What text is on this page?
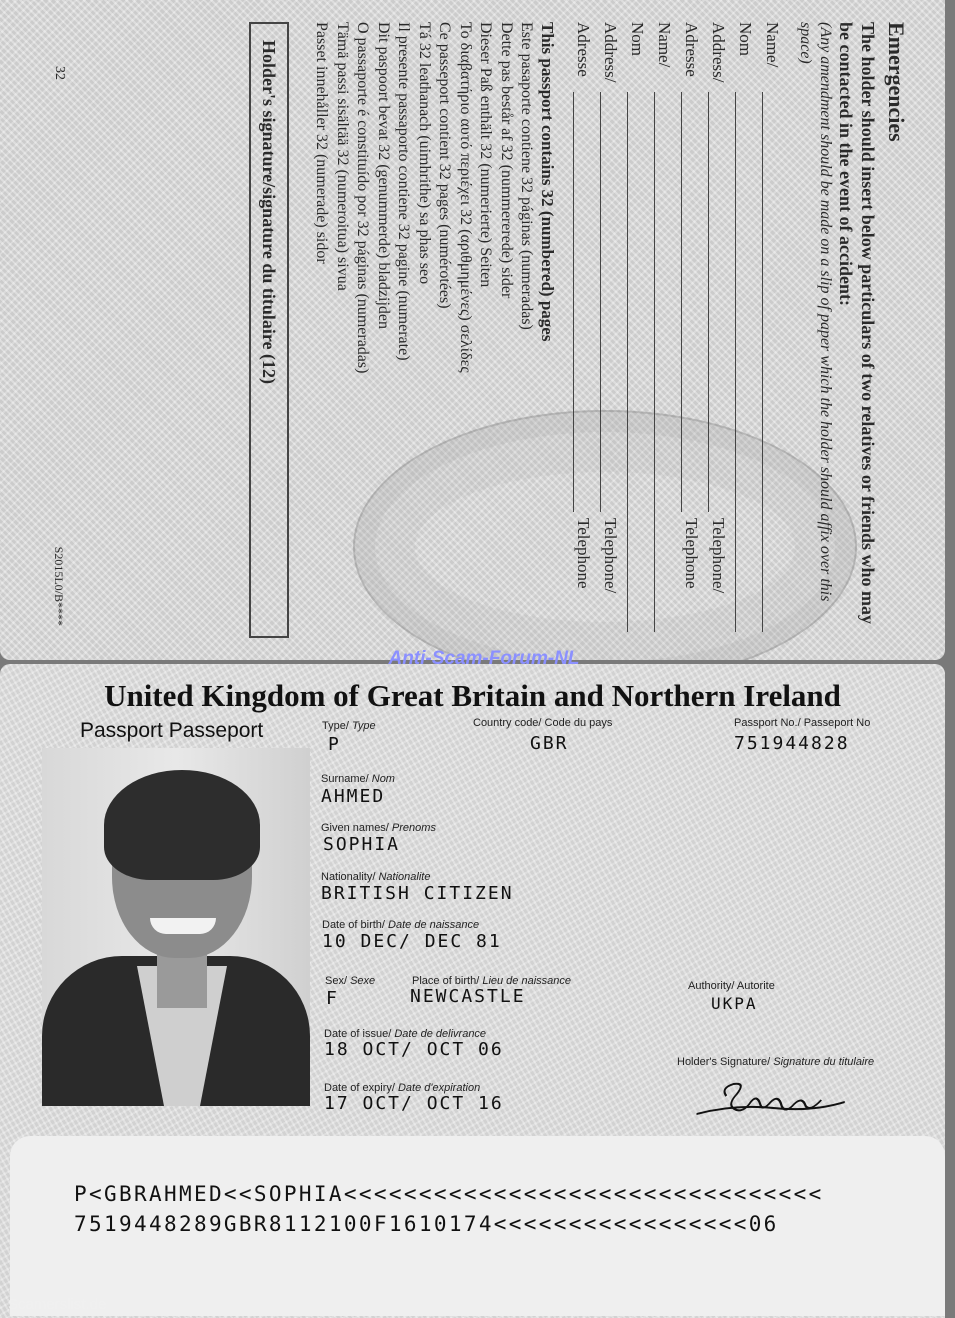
Emergencies
The holder should insert below particulars of two relatives or friends who may be contacted in the event of accident:
(Any amendment should be made on a slip of paper which the holder should affix over this space)
Name/
Nom
Address/
Telephone/
Adresse
Telephone
Name/
Nom
Address/
Telephone/
Adresse
Telephone
This passport contains 32 (numbered) pages
Este pasaporte contiene 32 páginas (numeradas)
Dette pas består af 32 (nummererede) sider
Dieser Paß enthält 32 (numerierte) Seiten
Το διαβατήριο αυτό περιέχει 32 (αριθμημένες) σελίδες
Ce passeport contient 32 pages (numérotées)
Tá 32 leathanach (uimhrithe) sa phas seo
Il presente passaporto contiene 32 pagine (numerate)
Dit paspoort bevat 32 (genummerde) bladzijden
O passaporte é constituído por 32 páginas (numeradas)
Tämä passi sisältää 32 (numeroitua) sivua
Passet innehåller 32 (numerade) sidor
Holder's signature/signature du titulaire (12)
32
S2015L0/B****
Anti-Scam-Forum-NL
United Kingdom of Great Britain and Northern Ireland
Passport Passeport	Type/ Type
P
Country code/ Code du pays
GBR
Passport No./ Passeport No
751944828
Surname/ Nom
AHMED
Given names/ Prenoms
SOPHIA
Nationality/ Nationalite
BRITISH CITIZEN
Date of birth/ Date de naissance
10 DEC/ DEC 81
Sex/ Sexe
F
Place of birth/ Lieu de naissance
NEWCASTLE	Authority/ Autorite
UKPA
Date of issue/ Date de delivrance
18 OCT/ OCT 06
Holder's Signature/ Signature du titulaire
Date of expiry/ Date d'expiration
17 OCT/ OCT 16
P<GBRAHMED<<SOPHIA<<<<<<<<<<<<<<<<<<<<<<<<<<<<<<<<
7519448289GBR8112100F1610174<<<<<<<<<<<<<<<<<06
Scamerslist.de
